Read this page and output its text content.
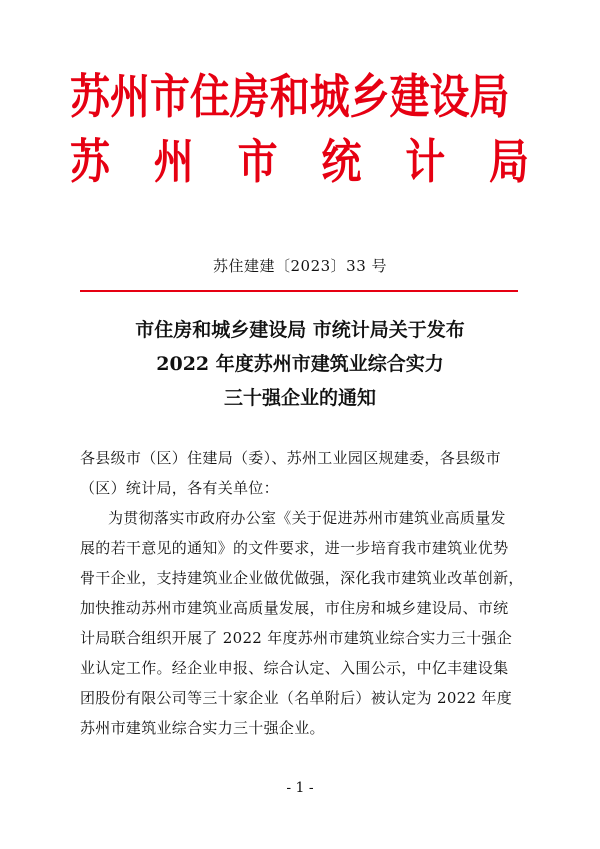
苏州市住房和城乡建设局
苏 州 市 统 计 局
苏住建建〔2023〕33 号
市住房和城乡建设局 市统计局关于发布
2022 年度苏州市建筑业综合实力
三十强企业的通知
各县级市（区）住建局（委）、苏州工业园区规建委，各县级市
（区）统计局，各有关单位：
为贯彻落实市政府办公室《关于促进苏州市建筑业高质量发
展的若干意见的通知》的文件要求，进一步培育我市建筑业优势
骨干企业，支持建筑业企业做优做强，深化我市建筑业改革创新，
加快推动苏州市建筑业高质量发展，市住房和城乡建设局、市统
计局联合组织开展了 2022 年度苏州市建筑业综合实力三十强企
业认定工作。经企业申报、综合认定、入围公示，中亿丰建设集
团股份有限公司等三十家企业（名单附后）被认定为 2022 年度
苏州市建筑业综合实力三十强企业。
- 1 -
